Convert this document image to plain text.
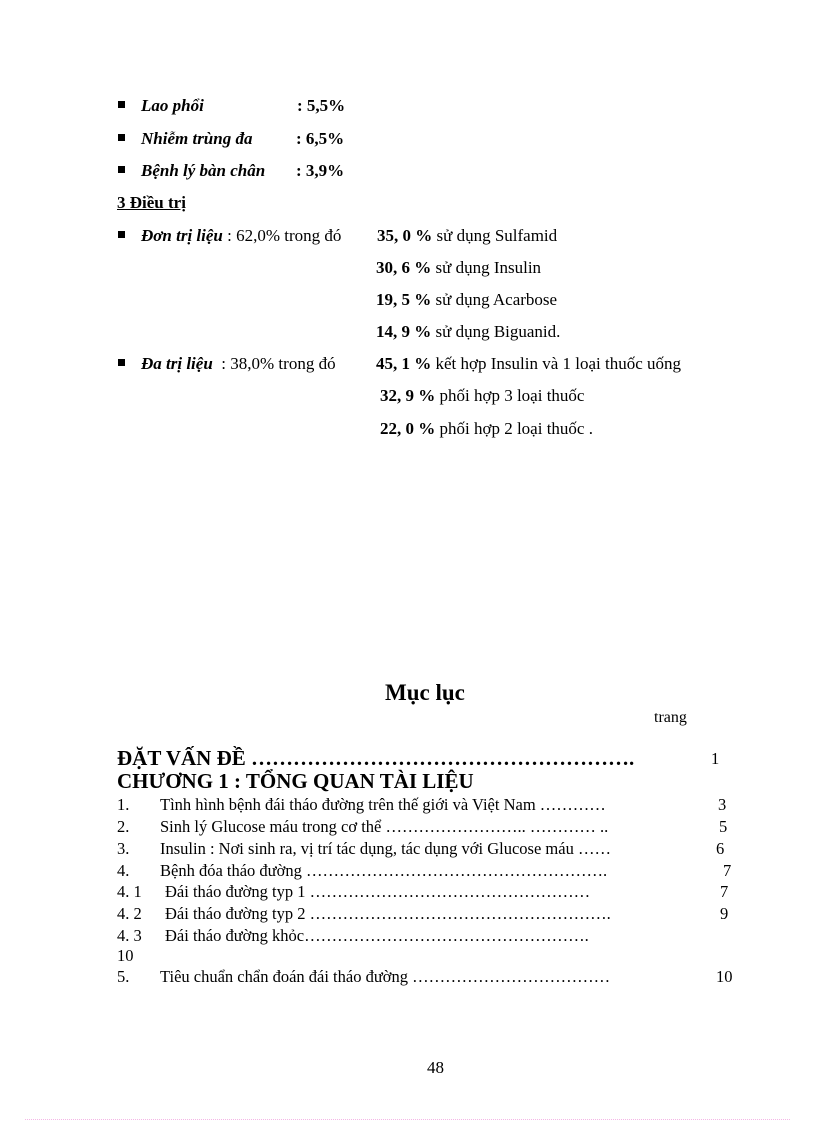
Lao phổi	: 5,5%
Nhiễm trùng đa	: 6,5%
Bệnh lý bàn chân : 3,9%
3 Điều trị
Đơn trị liệu : 62,0% trong đó 35, 0 % sử dụng Sulfamid
30, 6 % sử dụng Insulin
19, 5 % sử dụng Acarbose
14, 9 % sử dụng Biguanid.
Đa trị liệu  : 38,0% trong đó 45, 1 % kết hợp Insulin và 1 loại thuốc uống
32, 9 % phối hợp 3 loại thuốc
22, 0 % phối hợp 2 loại thuốc .
Mục lục
trang
ĐẶT VẤN ĐỀ ……………………………………………….	1
CHƯƠNG 1 : TỔNG QUAN TÀI LIỆU
1. Tình hình bệnh đái tháo đường trên thế giới và Việt Nam …………	3
2. Sinh lý Glucose máu trong cơ thể …………………….. ………… ..	5
3. Insulin : Nơi sinh ra, vị trí tác dụng, tác dụng với Glucose máu ……	6
4. Bệnh đóa tháo đường ……………………………………………….	7
4. 1 Đái tháo đường typ 1 ……………………………………………	7
4. 2 Đái tháo đường typ 2 ……………………………………………….	9
4. 3 Đái tháo đường khỏc…………………………………………….
10
5. Tiêu chuẩn chẩn đoán đái tháo đường ………………………………	10
48
